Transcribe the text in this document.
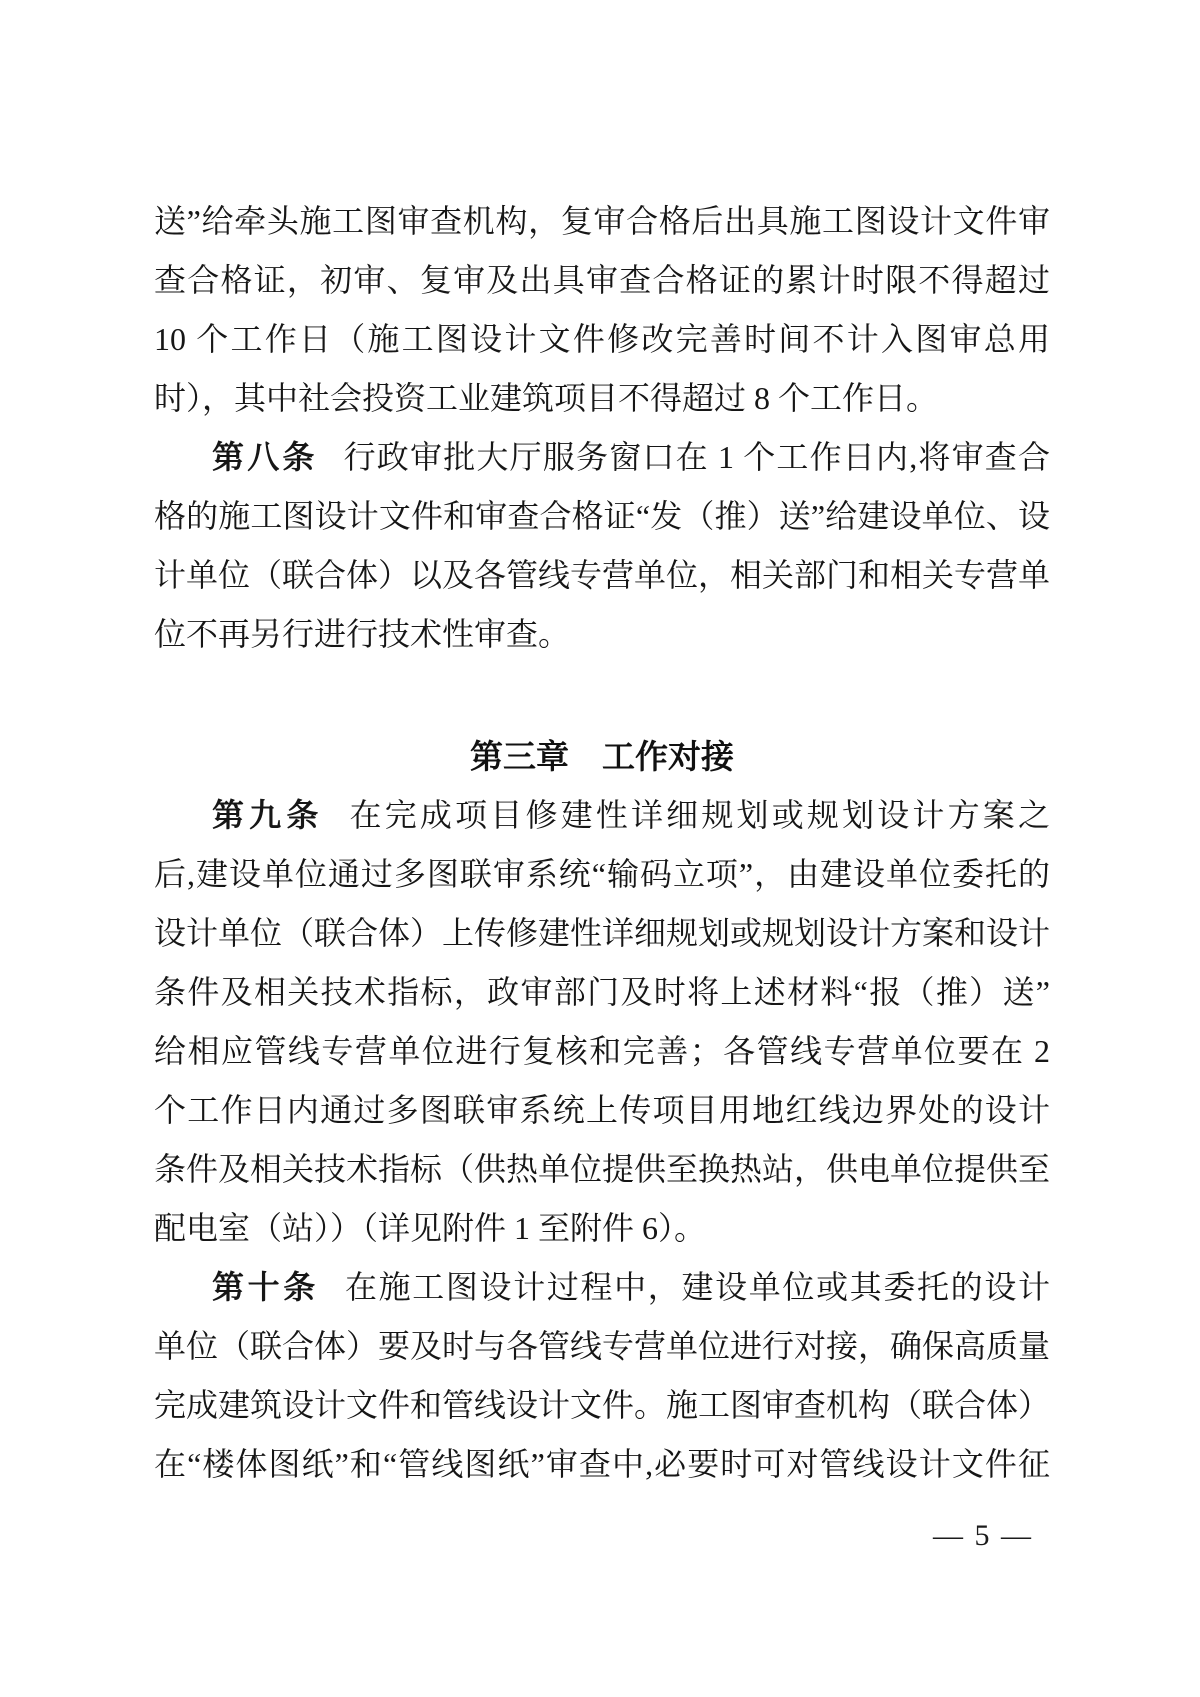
送”给牵头施工图审查机构，复审合格后出具施工图设计文件审
查合格证，初审、复审及出具审查合格证的累计时限不得超过
10 个工作日（施工图设计文件修改完善时间不计入图审总用
时），其中社会投资工业建筑项目不得超过 8 个工作日。
第八条 行政审批大厅服务窗口在 1 个工作日内,将审查合
格的施工图设计文件和审查合格证“发（推）送”给建设单位、设
计单位（联合体）以及各管线专营单位，相关部门和相关专营单
位不再另行进行技术性审查。
第三章　工作对接
第九条 在完成项目修建性详细规划或规划设计方案之
后,建设单位通过多图联审系统“输码立项”，由建设单位委托的
设计单位（联合体）上传修建性详细规划或规划设计方案和设计
条件及相关技术指标，政审部门及时将上述材料“报（推）送”
给相应管线专营单位进行复核和完善；各管线专营单位要在 2
个工作日内通过多图联审系统上传项目用地红线边界处的设计
条件及相关技术指标（供热单位提供至换热站，供电单位提供至
配电室（站））（详见附件 1 至附件 6）。
第十条 在施工图设计过程中，建设单位或其委托的设计
单位（联合体）要及时与各管线专营单位进行对接，确保高质量
完成建筑设计文件和管线设计文件。施工图审查机构（联合体）
在“楼体图纸”和“管线图纸”审查中,必要时可对管线设计文件征
— 5 —
